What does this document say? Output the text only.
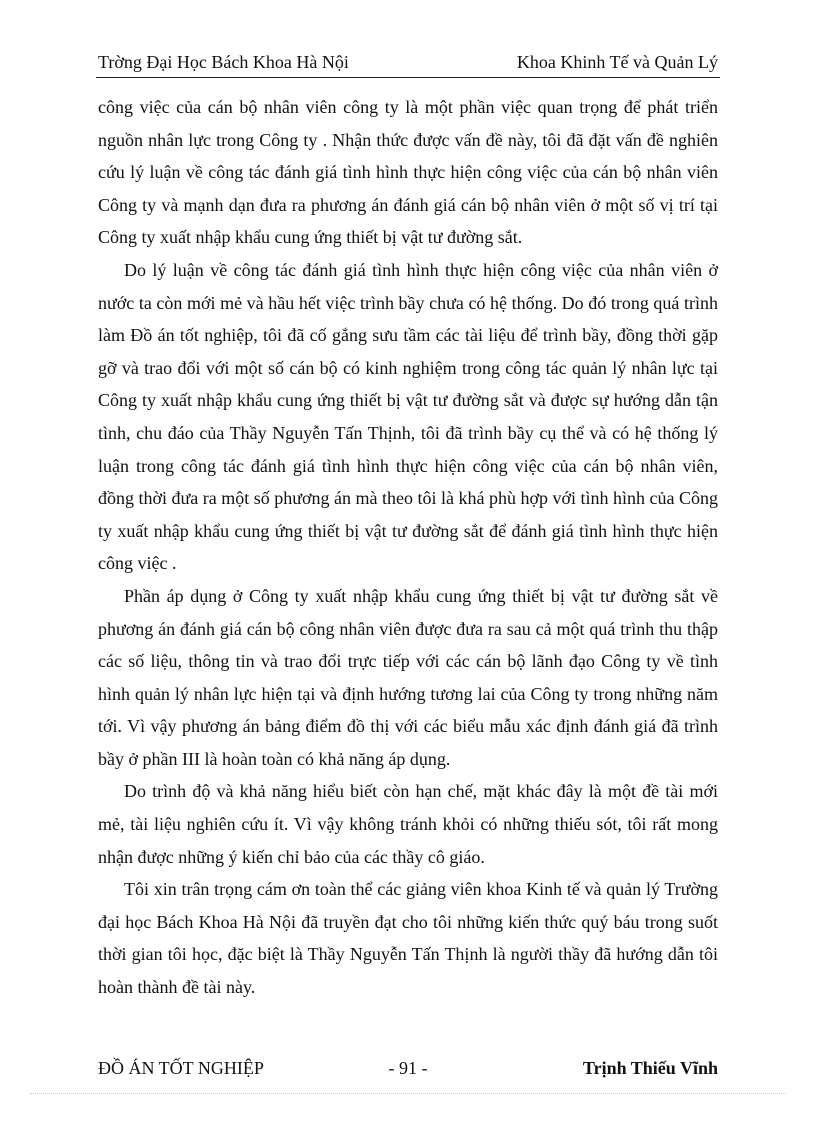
Trờng Đại Học Bách Khoa Hà Nội	Khoa Khinh Tế và Quản Lý

công việc của cán bộ nhân viên công ty là một phần việc quan trọng để phát triển nguồn nhân lực trong Công ty . Nhận thức được vấn đề này, tôi đã đặt vấn đề nghiên cứu lý luận về công tác đánh giá tình hình thực hiện công việc của cán bộ nhân viên Công ty và mạnh dạn đưa ra phương án đánh giá cán bộ nhân viên ở một số vị trí tại Công ty xuất nhập khẩu cung ứng thiết bị vật tư đường sắt.

Do lý luận về công tác đánh giá tình hình thực hiện công việc của nhân viên ở nước ta còn mới mẻ và hầu hết việc trình bầy chưa có hệ thống. Do đó trong quá trình làm Đồ án tốt nghiệp, tôi đã cố gắng sưu tầm các tài liệu để trình bầy, đồng thời gặp gỡ và trao đổi với một số cán bộ có kinh nghiệm trong công tác quản lý nhân lực tại Công ty xuất nhập khẩu cung ứng thiết bị vật tư đường sắt và được sự hướng dẫn tận tình, chu đáo của Thầy Nguyễn Tấn Thịnh, tôi đã trình bầy cụ thể và có hệ thống lý luận trong công tác đánh giá tình hình thực hiện công việc của cán bộ nhân viên, đồng thời đưa ra một số phương án mà theo tôi là khá phù hợp với tình hình của Công ty xuất nhập khẩu cung ứng thiết bị vật tư đường sắt để đánh giá tình hình thực hiện công việc .

Phần áp dụng ở Công ty xuất nhập khẩu cung ứng thiết bị vật tư đường sắt về phương án đánh giá cán bộ công nhân viên được đưa ra sau cả một quá trình thu thập các số liệu, thông tin và trao đổi trực tiếp với các cán bộ lãnh đạo Công ty về tình hình quản lý nhân lực hiện tại và định hướng tương lai của Công ty trong những năm tới. Vì vậy phương án bảng điểm đồ thị với các biểu mẫu xác định đánh giá đã trình bầy ở phần III là hoàn toàn có khả năng áp dụng.

Do trình độ và khả năng hiểu biết còn hạn chế, mặt khác đây là một đề tài mới mẻ, tài liệu nghiên cứu ít. Vì vậy không tránh khỏi có những thiếu sót, tôi rất mong nhận được những ý kiến chỉ bảo của các thầy cô giáo.

Tôi xin trân trọng cám ơn toàn thể các giảng viên khoa Kinh tế và quản lý Trường đại học Bách Khoa Hà Nội đã truyền đạt cho tôi những kiến thức quý báu trong suốt thời gian tôi học, đặc biệt là Thầy Nguyễn Tấn Thịnh là người thầy đã hướng dẫn tôi hoàn thành đề tài này.

ĐỒ ÁN TỐT NGHIỆP	- 91 -	Trịnh Thiếu Vĩnh
